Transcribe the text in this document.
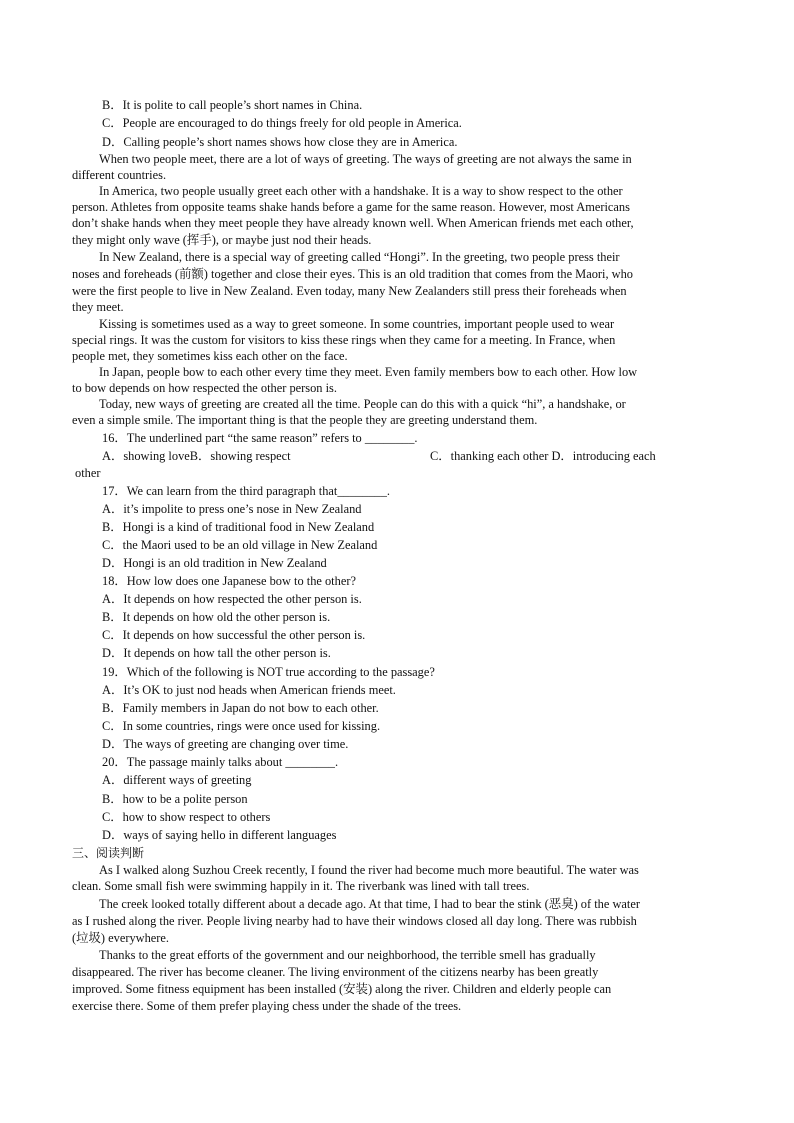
B．It is polite to call people’s short names in China.
C．People are encouraged to do things freely for old people in America.
D．Calling people’s short names shows how close they are in America.
When two people meet, there are a lot of ways of greeting. The ways of greeting are not always the same in
different countries.
In America, two people usually greet each other with a handshake. It is a way to show respect to the other
person. Athletes from opposite teams shake hands before a game for the same reason. However, most Americans
don’t shake hands when they meet people they have already known well. When American friends met each other,
they might only wave (挥手), or maybe just nod their heads.
In New Zealand, there is a special way of greeting called “Hongi”. In the greeting, two people press their
noses and foreheads (前额) together and close their eyes. This is an old tradition that comes from the Maori, who
were the first people to live in New Zealand. Even today, many New Zealanders still press their foreheads when
they meet.
Kissing is sometimes used as a way to greet someone. In some countries, important people used to wear
special rings. It was the custom for visitors to kiss these rings when they came for a meeting. In France, when
people met, they sometimes kiss each other on the face.
In Japan, people bow to each other every time they meet. Even family members bow to each other. How low
to bow depends on how respected the other person is.
Today, new ways of greeting are created all the time. People can do this with a quick “hi”, a handshake, or
even a simple smile. The important thing is that the people they are greeting understand them.
16．The underlined part “the same reason” refers to ________.
A．showing loveB．showing respect	C．thanking each other D．introducing each
other
17．We can learn from the third paragraph that________.
A．it’s impolite to press one’s nose in New Zealand
B．Hongi is a kind of traditional food in New Zealand
C．the Maori used to be an old village in New Zealand
D．Hongi is an old tradition in New Zealand
18．How low does one Japanese bow to the other?
A．It depends on how respected the other person is.
B．It depends on how old the other person is.
C．It depends on how successful the other person is.
D．It depends on how tall the other person is.
19．Which of the following is NOT true according to the passage?
A．It’s OK to just nod heads when American friends meet.
B．Family members in Japan do not bow to each other.
C．In some countries, rings were once used for kissing.
D．The ways of greeting are changing over time.
20．The passage mainly talks about ________.
A．different ways of greeting
B．how to be a polite person
C．how to show respect to others
D．ways of saying hello in different languages
三、阅读判断
As I walked along Suzhou Creek recently, I found the river had become much more beautiful. The water was
clean. Some small fish were swimming happily in it. The riverbank was lined with tall trees.
The creek looked totally different about a decade ago. At that time, I had to bear the stink (恶臭) of the water
as I rushed along the river. People living nearby had to have their windows closed all day long. There was rubbish
(垃圾) everywhere.
Thanks to the great efforts of the government and our neighborhood, the terrible smell has gradually
disappeared. The river has become cleaner. The living environment of the citizens nearby has been greatly
improved. Some fitness equipment has been installed (安装) along the river. Children and elderly people can
exercise there. Some of them prefer playing chess under the shade of the trees.
